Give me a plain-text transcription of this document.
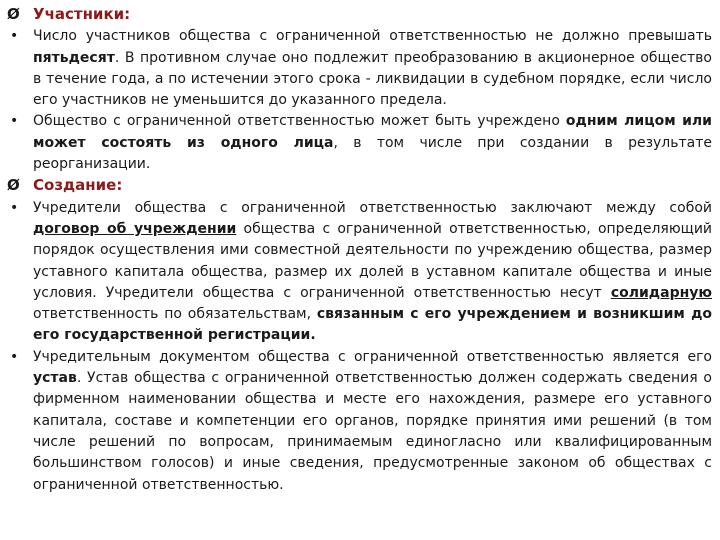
Ø Участники:
•	Число участников общества с ограниченной ответственностью не должно превышать пятьдесят. В противном случае оно подлежит преобразованию в акционерное общество в течение года, а по истечении этого срока - ликвидации в судебном порядке, если число его участников не уменьшится до указанного предела.
•	Общество с ограниченной ответственностью может быть учреждено одним лицом или может состоять из одного лица, в том числе при создании в результате реорганизации.
Ø Создание:
•	Учредители общества с ограниченной ответственностью заключают между собой договор об учреждении общества с ограниченной ответственностью, определяющий порядок осуществления ими совместной деятельности по учреждению общества, размер уставного капитала общества, размер их долей в уставном капитале общества и иные условия. Учредители общества с ограниченной ответственностью несут солидарную ответственность по обязательствам, связанным с его учреждением и возникшим до его государственной регистрации.
•	Учредительным документом общества с ограниченной ответственностью является его устав. Устав общества с ограниченной ответственностью должен содержать сведения о фирменном наименовании общества и месте его нахождения, размере его уставного капитала, составе и компетенции его органов, порядке принятия ими решений (в том числе решений по вопросам, принимаемым единогласно или квалифицированным большинством голосов) и иные сведения, предусмотренные законом об обществах с ограниченной ответственностью.
